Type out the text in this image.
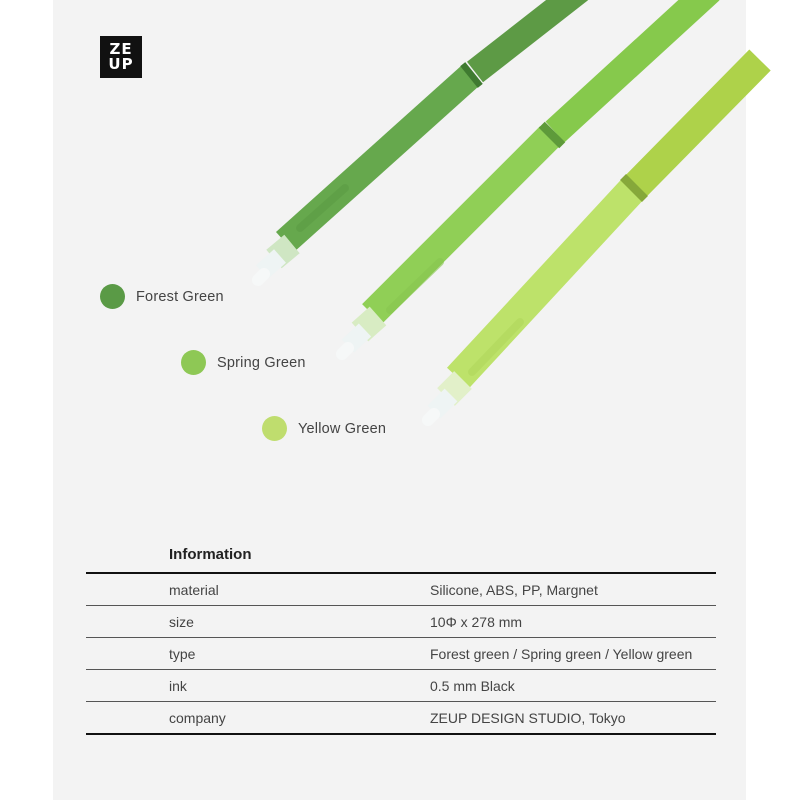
ZE
UP
Forest Green
Spring Green
Yellow Green
Information
material	Silicone, ABS, PP, Margnet
size	10Φ x 278 mm
type	Forest green / Spring green / Yellow green
ink	0.5 mm Black
company	ZEUP DESIGN STUDIO, Tokyo
